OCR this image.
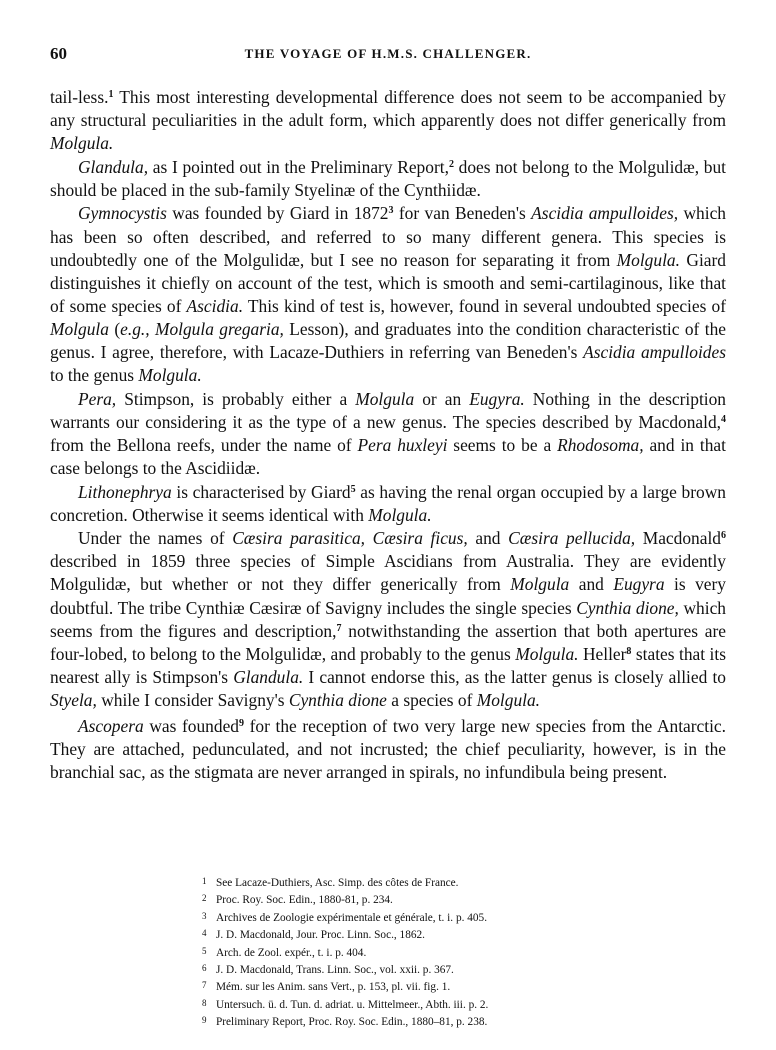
60	THE VOYAGE OF H.M.S. CHALLENGER.

tail-less.$^1$ This most interesting developmental difference does not seem to be accompanied by any structural peculiarities in the adult form, which apparently does not differ generically from Molgula.

Glandula, as I pointed out in the Preliminary Report,$^2$ does not belong to the Molgulidæ, but should be placed in the sub-family Styelinæ of the Cynthiidæ.

Gymnocystis was founded by Giard in 1872$^3$ for van Beneden's Ascidia ampulloides, which has been so often described, and referred to so many different genera. This species is undoubtedly one of the Molgulidæ, but I see no reason for separating it from Molgula. Giard distinguishes it chiefly on account of the test, which is smooth and semi-cartilaginous, like that of some species of Ascidia. This kind of test is, however, found in several undoubted species of Molgula (e.g., Molgula gregaria, Lesson), and graduates into the condition characteristic of the genus. I agree, therefore, with Lacaze-Duthiers in referring van Beneden's Ascidia ampulloides to the genus Molgula.

Pera, Stimpson, is probably either a Molgula or an Eugyra. Nothing in the description warrants our considering it as the type of a new genus. The species described by Macdonald,$^4$ from the Bellona reefs, under the name of Pera huxleyi seems to be a Rhodosoma, and in that case belongs to the Ascidiidæ.

Lithonephrya is characterised by Giard$^5$ as having the renal organ occupied by a large brown concretion. Otherwise it seems identical with Molgula.

Under the names of Cæsira parasitica, Cæsira ficus, and Cæsira pellucida, Macdonald$^6$ described in 1859 three species of Simple Ascidians from Australia. They are evidently Molgulidæ, but whether or not they differ generically from Molgula and Eugyra is very doubtful. The tribe Cynthiæ Cæsiræ of Savigny includes the single species Cynthia dione, which seems from the figures and description,$^7$ notwithstanding the assertion that both apertures are four-lobed, to belong to the Molgulidæ, and probably to the genus Molgula. Heller$^8$ states that its nearest ally is Stimpson's Glandula. I cannot endorse this, as the latter genus is closely allied to Styela, while I consider Savigny's Cynthia dione a species of Molgula.

Ascopera was founded$^9$ for the reception of two very large new species from the Antarctic. They are attached, pedunculated, and not incrusted; the chief peculiarity, however, is in the branchial sac, as the stigmata are never arranged in spirals, no infundibula being present.

1 See Lacaze-Duthiers, Asc. Simp. des côtes de France.
2 Proc. Roy. Soc. Edin., 1880-81, p. 234.
3 Archives de Zoologie expérimentale et générale, t. i. p. 405.
4 J. D. Macdonald, Jour. Proc. Linn. Soc., 1862.
5 Arch. de Zool. expér., t. i. p. 404.
6 J. D. Macdonald, Trans. Linn. Soc., vol. xxii. p. 367.
7 Mém. sur les Anim. sans Vert., p. 153, pl. vii. fig. 1.
8 Untersuch. ü. d. Tun. d. adriat. u. Mittelmeer., Abth. iii. p. 2.
9 Preliminary Report, Proc. Roy. Soc. Edin., 1880–81, p. 238.
